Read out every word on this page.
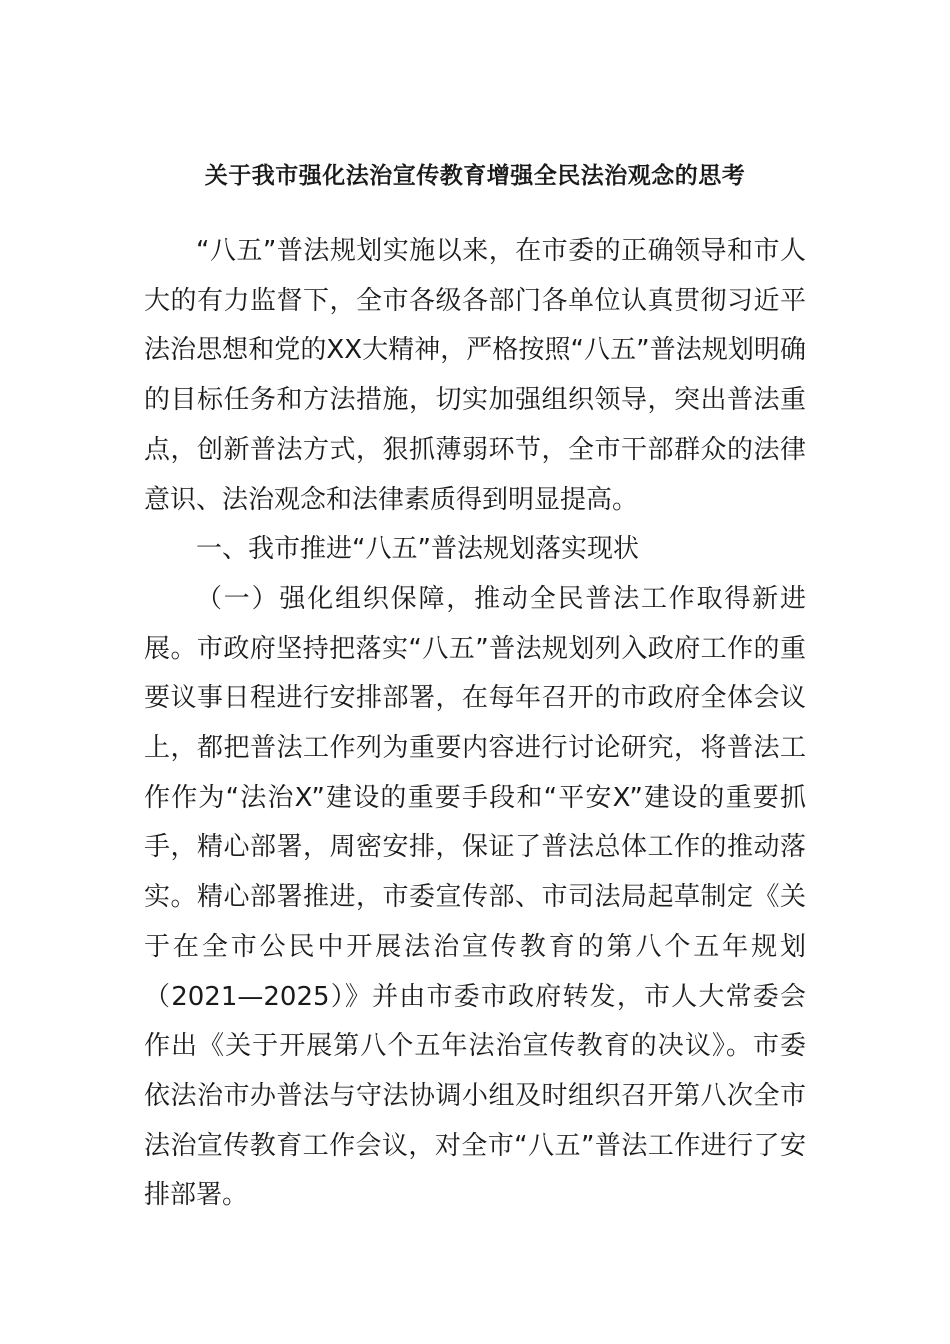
关于我市强化法治宣传教育增强全民法治观念的思考

“八五”普法规划实施以来，在市委的正确领导和市人大的有力监督下，全市各级各部门各单位认真贯彻习近平法治思想和党的XX大精神，严格按照“八五”普法规划明确的目标任务和方法措施，切实加强组织领导，突出普法重点，创新普法方式，狠抓薄弱环节，全市干部群众的法律意识、法治观念和法律素质得到明显提高。

一、我市推进“八五”普法规划落实现状

（一）强化组织保障，推动全民普法工作取得新进展。市政府坚持把落实“八五”普法规划列入政府工作的重要议事日程进行安排部署，在每年召开的市政府全体会议上，都把普法工作列为重要内容进行讨论研究，将普法工作作为“法治X”建设的重要手段和“平安X”建设的重要抓手，精心部署，周密安排，保证了普法总体工作的推动落实。精心部署推进，市委宣传部、市司法局起草制定《关于在全市公民中开展法治宣传教育的第八个五年规划（2021—2025）》并由市委市政府转发，市人大常委会作出《关于开展第八个五年法治宣传教育的决议》。市委依法治市办普法与守法协调小组及时组织召开第八次全市法治宣传教育工作会议，对全市“八五”普法工作进行了安排部署。
